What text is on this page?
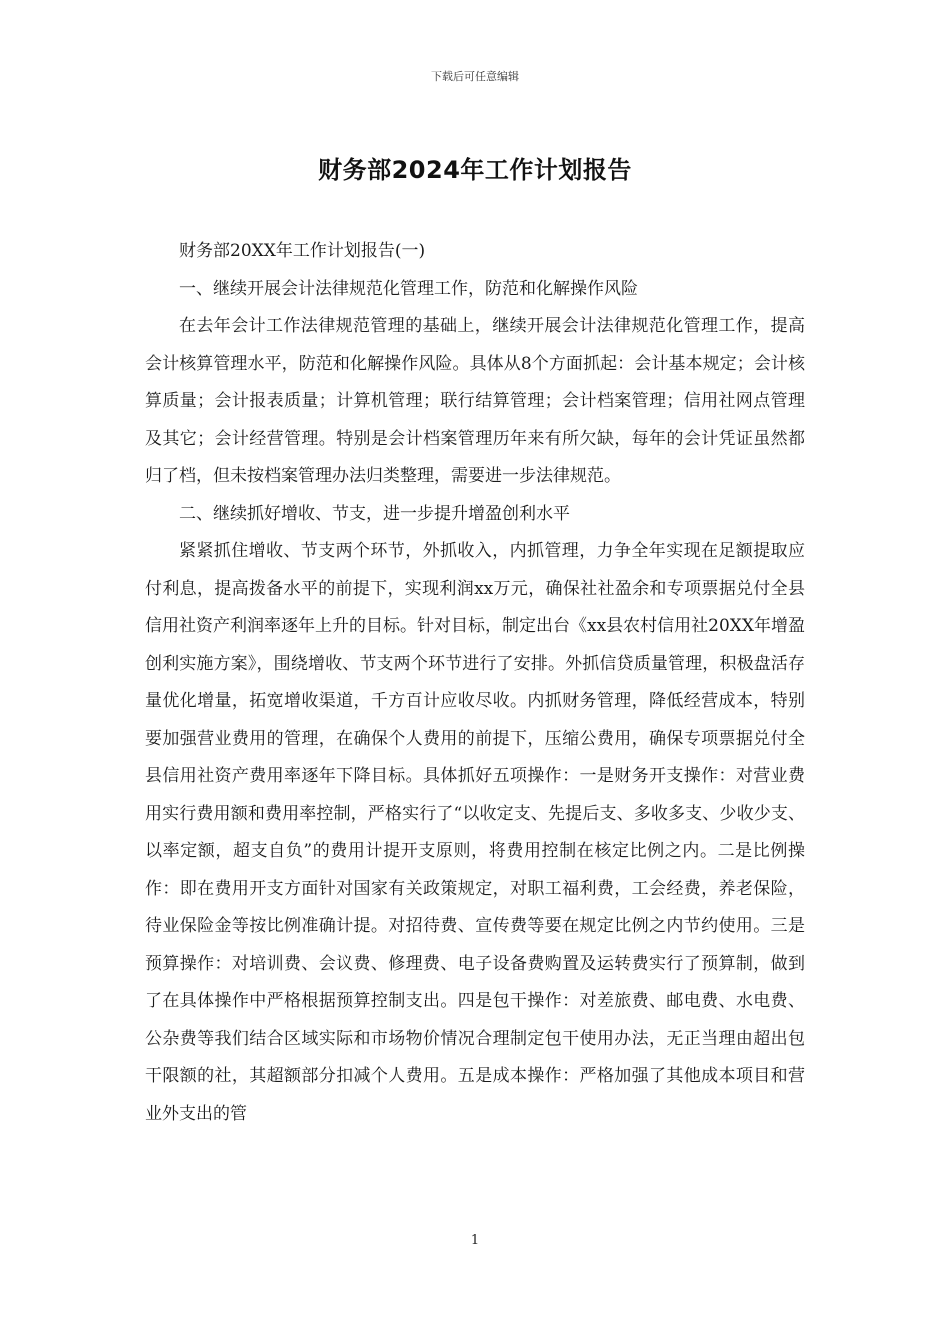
下载后可任意编辑
财务部2024年工作计划报告

财务部20XX年工作计划报告(一)

一、继续开展会计法律规范化管理工作，防范和化解操作风险

在去年会计工作法律规范管理的基础上，继续开展会计法律规范化管理工作，提高会计核算管理水平，防范和化解操作风险。具体从8个方面抓起：会计基本规定；会计核算质量；会计报表质量；计算机管理；联行结算管理；会计档案管理；信用社网点管理及其它；会计经营管理。特别是会计档案管理历年来有所欠缺，每年的会计凭证虽然都归了档，但未按档案管理办法归类整理，需要进一步法律规范。

二、继续抓好增收、节支，进一步提升增盈创利水平

紧紧抓住增收、节支两个环节，外抓收入，内抓管理，力争全年实现在足额提取应付利息，提高拨备水平的前提下，实现利润xx万元，确保社社盈余和专项票据兑付全县信用社资产利润率逐年上升的目标。针对目标，制定出台《xx县农村信用社20XX年增盈创利实施方案》，围绕增收、节支两个环节进行了安排。外抓信贷质量管理，积极盘活存量优化增量，拓宽增收渠道，千方百计应收尽收。内抓财务管理，降低经营成本，特别要加强营业费用的管理，在确保个人费用的前提下，压缩公费用，确保专项票据兑付全县信用社资产费用率逐年下降目标。具体抓好五项操作：一是财务开支操作：对营业费用实行费用额和费用率控制，严格实行了“以收定支、先提后支、多收多支、少收少支、以率定额，超支自负”的费用计提开支原则，将费用控制在核定比例之内。二是比例操作：即在费用开支方面针对国家有关政策规定，对职工福利费，工会经费，养老保险，待业保险金等按比例准确计提。对招待费、宣传费等要在规定比例之内节约使用。三是预算操作：对培训费、会议费、修理费、电子设备费购置及运转费实行了预算制，做到了在具体操作中严格根据预算控制支出。四是包干操作：对差旅费、邮电费、水电费、公杂费等我们结合区域实际和市场物价情况合理制定包干使用办法，无正当理由超出包干限额的社，其超额部分扣减个人费用。五是成本操作：严格加强了其他成本项目和营业外支出的管

1
